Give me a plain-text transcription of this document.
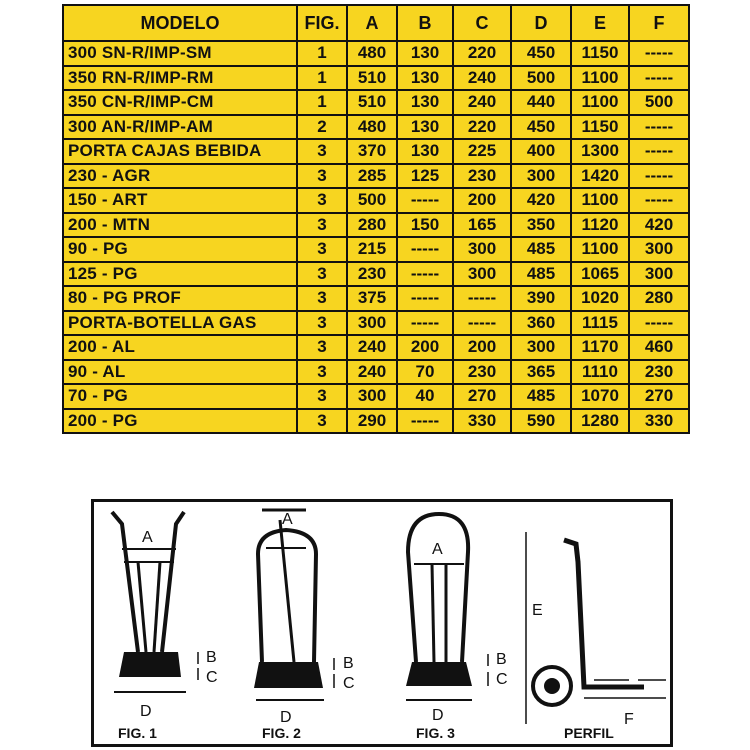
MODELO	FIG.	A	B	C	D	E	F
300 SN-R/IMP-SM	1	480	130	220	450	1150	-----
350 RN-R/IMP-RM	1	510	130	240	500	1100	-----
350 CN-R/IMP-CM	1	510	130	240	440	1100	500
300 AN-R/IMP-AM	2	480	130	220	450	1150	-----
PORTA CAJAS BEBIDA	3	370	130	225	400	1300	-----
230 - AGR	3	285	125	230	300	1420	-----
150 - ART	3	500	-----	200	420	1100	-----
200 - MTN	3	280	150	165	350	1120	420
90 - PG	3	215	-----	300	485	1100	300
125 - PG	3	230	-----	300	485	1065	300
80 - PG PROF	3	375	-----	-----	390	1020	280
PORTA-BOTELLA GAS	3	300	-----	-----	360	1115	-----
200 - AL	3	240	200	200	300	1170	460
90 - AL	3	240	70	230	365	1110	230
70 - PG	3	300	40	270	485	1070	270
200 - PG	3	290	-----	330	590	1280	330
A
B
C
D
FIG. 1
A
B
C
D
FIG. 2
A
B
C
D
FIG. 3
E
F
PERFIL
